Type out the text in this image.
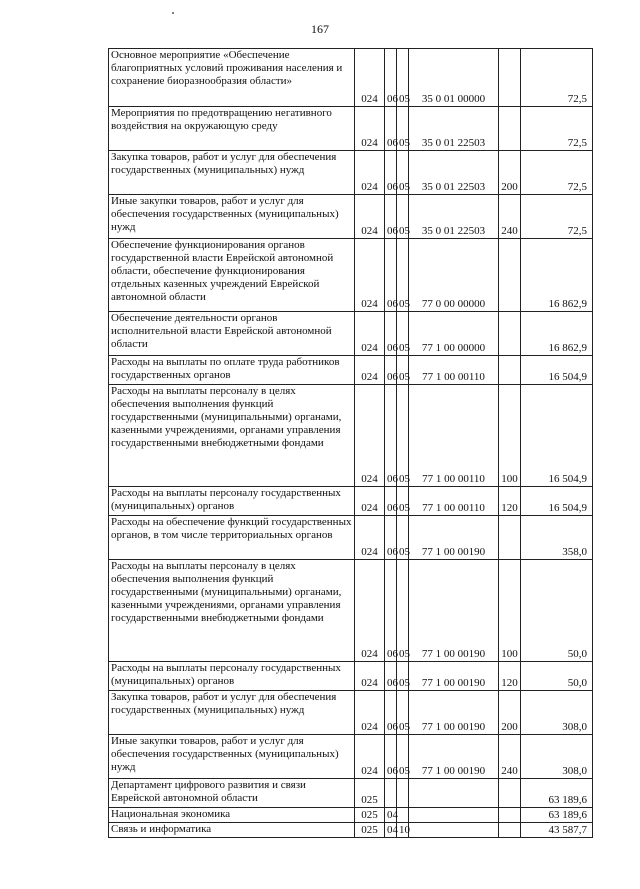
167
Основное мероприятие «Обеспечение благоприятных условий проживания населения и сохранение биоразнообразия области»	024	06	05	35 0 01 00000		72,5
Мероприятия по предотвращению негативного воздействия на окружающую среду	024	06	05	35 0 01 22503		72,5
Закупка товаров, работ и услуг для обеспечения государственных (муниципальных) нужд	024	06	05	35 0 01 22503	200	72,5
Иные закупки товаров, работ и услуг для обеспечения государственных (муниципальных) нужд	024	06	05	35 0 01 22503	240	72,5
Обеспечение функционирования органов государственной власти Еврейской автономной области, обеспечение функционирования отдельных казенных учреждений Еврейской автономной области	024	06	05	77 0 00 00000		16 862,9
Обеспечение деятельности органов исполнительной власти Еврейской автономной области	024	06	05	77 1 00 00000		16 862,9
Расходы на выплаты по оплате труда работников государственных органов	024	06	05	77 1 00 00110		16 504,9
Расходы на выплаты персоналу в целях обеспечения выполнения функций государственными (муниципальными) органами, казенными учреждениями, органами управления государственными внебюджетными фондами	024	06	05	77 1 00 00110	100	16 504,9
Расходы на выплаты персоналу государственных (муниципальных) органов	024	06	05	77 1 00 00110	120	16 504,9
Расходы на обеспечение функций государственных органов, в том числе территориальных органов	024	06	05	77 1 00 00190		358,0
Расходы на выплаты персоналу в целях обеспечения выполнения функций государственными (муниципальными) органами, казенными учреждениями, органами управления государственными внебюджетными фондами	024	06	05	77 1 00 00190	100	50,0
Расходы на выплаты персоналу государственных (муниципальных) органов	024	06	05	77 1 00 00190	120	50,0
Закупка товаров, работ и услуг для обеспечения государственных (муниципальных) нужд	024	06	05	77 1 00 00190	200	308,0
Иные закупки товаров, работ и услуг для обеспечения государственных (муниципальных) нужд	024	06	05	77 1 00 00190	240	308,0
Департамент цифрового развития и связи Еврейской автономной области	025					63 189,6
Национальная экономика	025	04				63 189,6
Связь и информатика	025	04	10			43 587,7
